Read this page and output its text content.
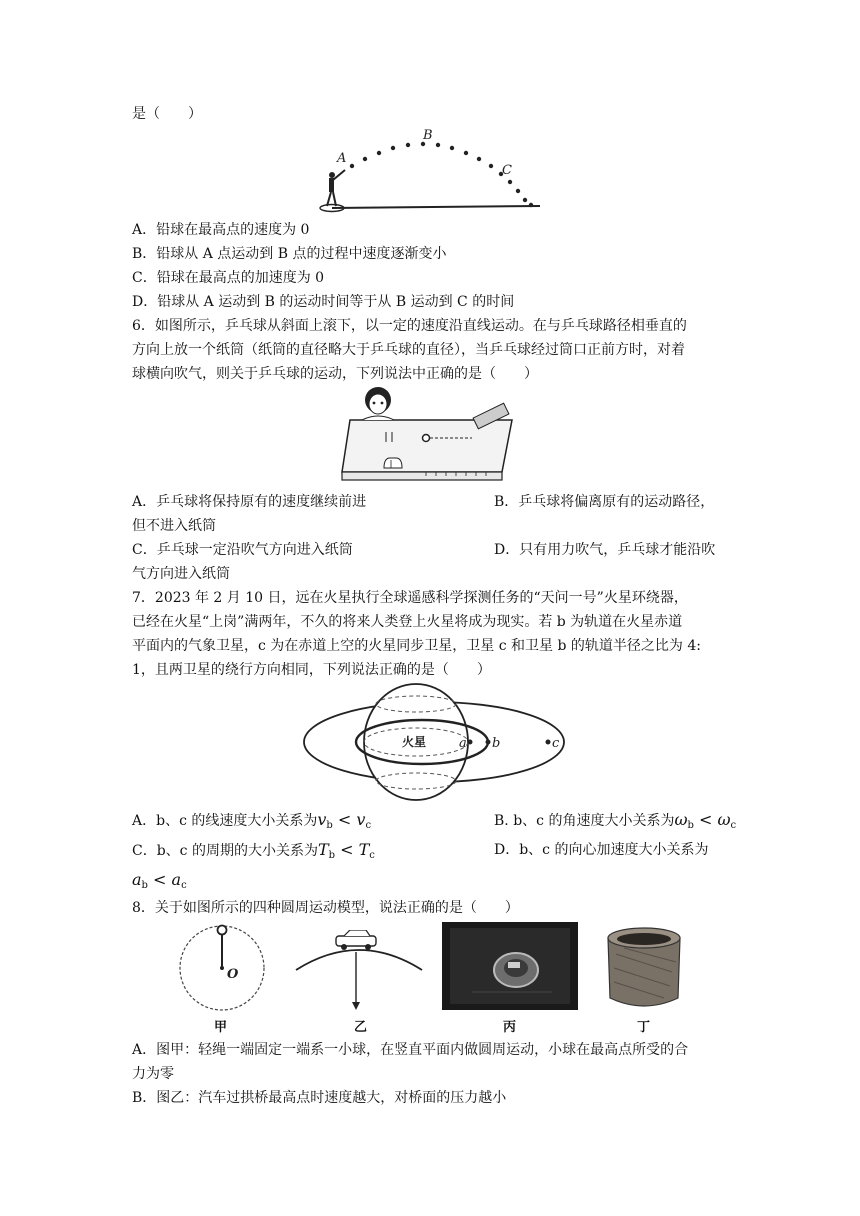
是（　　）
A
B
C
A．铅球在最高点的速度为 0
B．铅球从 A 点运动到 B 点的过程中速度逐渐变小
C．铅球在最高点的加速度为 0
D．铅球从 A 运动到 B 的运动时间等于从 B 运动到 C 的时间
6．如图所示，乒乓球从斜面上滚下，以一定的速度沿直线运动。在与乒乓球路径相垂直的
方向上放一个纸筒（纸筒的直径略大于乒乓球的直径），当乒乓球经过筒口正前方时，对着
球横向吹气，则关于乒乓球的运动，下列说法中正确的是（　　）
A．乒乓球将保持原有的速度继续前进	B．乒乓球将偏离原有的运动路径，
但不进入纸筒
C．乒乓球一定沿吹气方向进入纸筒	D．只有用力吹气，乒乓球才能沿吹
气方向进入纸筒
7．2023 年 2 月 10 日，远在火星执行全球遥感科学探测任务的“天问一号”火星环绕器，
已经在火星“上岗”满两年，不久的将来人类登上火星将成为现实。若 b 为轨道在火星赤道
平面内的气象卫星，c 为在赤道上空的火星同步卫星，卫星 c 和卫星 b 的轨道半径之比为 4:
1，且两卫星的绕行方向相同，下列说法正确的是（　　）
火星	a b	c
A．b、c 的线速度大小关系为$v_b < v_c$	B. b、c 的角速度大小关系为$\omega_b < \omega_c$
C．b、c 的周期的大小关系为$T_b < T_c$	D．b、c 的向心加速度大小关系为
$a_b < a_c$
8．关于如图所示的四种圆周运动模型，说法正确的是（　　）
O
甲	乙	丙	丁
A．图甲：轻绳一端固定一端系一小球，在竖直平面内做圆周运动，小球在最高点所受的合
力为零
B．图乙：汽车过拱桥最高点时速度越大，对桥面的压力越小
